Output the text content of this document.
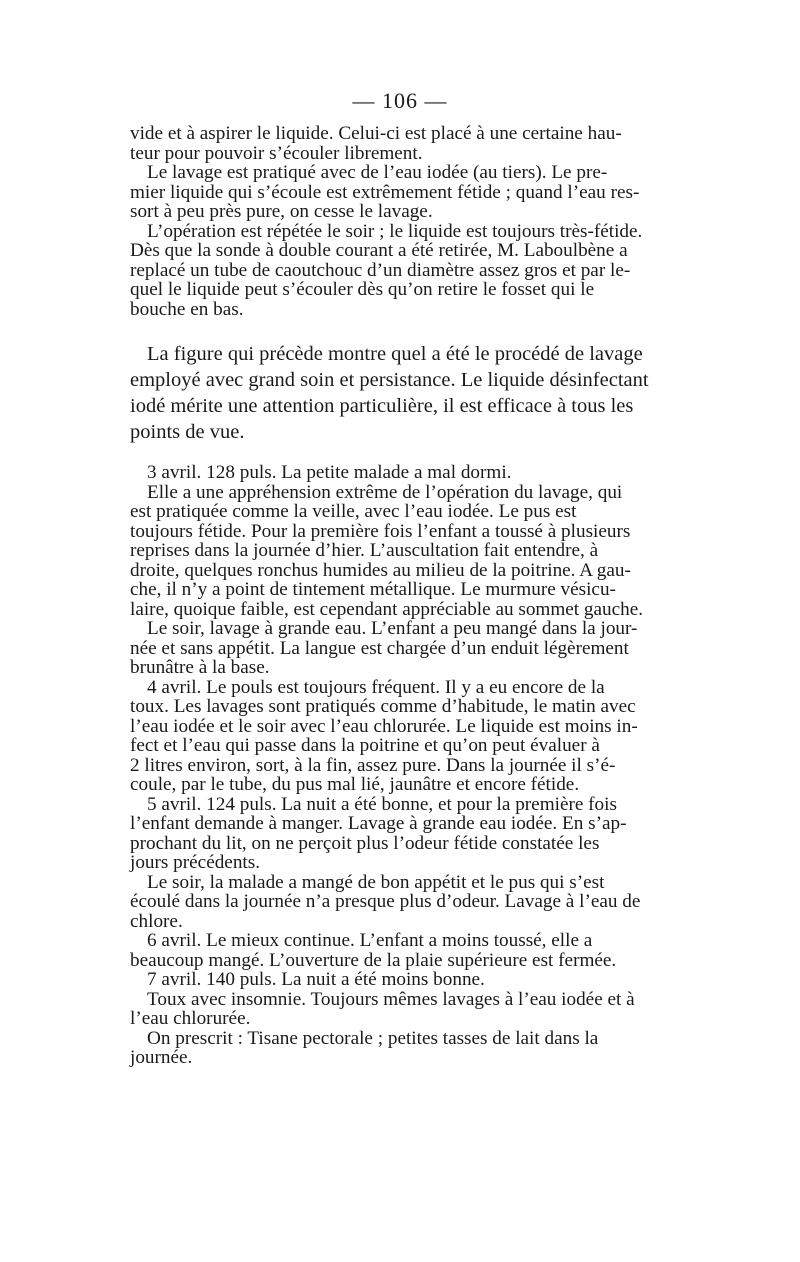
— 106 —
vide et à aspirer le liquide. Celui-ci est placé à une certaine hau-
teur pour pouvoir s’écouler librement.
Le lavage est pratiqué avec de l’eau iodée (au tiers). Le pre-
mier liquide qui s’écoule est extrêmement fétide ; quand l’eau res-
sort à peu près pure, on cesse le lavage.
L’opération est répétée le soir ; le liquide est toujours très-fétide.
Dès que la sonde à double courant a été retirée, M. Laboulbène a
replacé un tube de caoutchouc d’un diamètre assez gros et par le-
quel le liquide peut s’écouler dès qu’on retire le fosset qui le
bouche en bas.
La figure qui précède montre quel a été le procédé de lavage
employé avec grand soin et persistance. Le liquide désinfectant
iodé mérite une attention particulière, il est efficace à tous les
points de vue.
3 avril. 128 puls. La petite malade a mal dormi.
Elle a une appréhension extrême de l’opération du lavage, qui
est pratiquée comme la veille, avec l’eau iodée. Le pus est
toujours fétide. Pour la première fois l’enfant a toussé à plusieurs
reprises dans la journée d’hier. L’auscultation fait entendre, à
droite, quelques ronchus humides au milieu de la poitrine. A gau-
che, il n’y a point de tintement métallique. Le murmure vésicu-
laire, quoique faible, est cependant appréciable au sommet gauche.
Le soir, lavage à grande eau. L’enfant a peu mangé dans la jour-
née et sans appétit. La langue est chargée d’un enduit légèrement
brunâtre à la base.
4 avril. Le pouls est toujours fréquent. Il y a eu encore de la
toux. Les lavages sont pratiqués comme d’habitude, le matin avec
l’eau iodée et le soir avec l’eau chlorurée. Le liquide est moins in-
fect et l’eau qui passe dans la poitrine et qu’on peut évaluer à
2 litres environ, sort, à la fin, assez pure. Dans la journée il s’é-
coule, par le tube, du pus mal lié, jaunâtre et encore fétide.
5 avril. 124 puls. La nuit a été bonne, et pour la première fois
l’enfant demande à manger. Lavage à grande eau iodée. En s’ap-
prochant du lit, on ne perçoit plus l’odeur fétide constatée les
jours précédents.
Le soir, la malade a mangé de bon appétit et le pus qui s’est
écoulé dans la journée n’a presque plus d’odeur. Lavage à l’eau de
chlore.
6 avril. Le mieux continue. L’enfant a moins toussé, elle a
beaucoup mangé. L’ouverture de la plaie supérieure est fermée.
7 avril. 140 puls. La nuit a été moins bonne.
Toux avec insomnie. Toujours mêmes lavages à l’eau iodée et à
l’eau chlorurée.
On prescrit : Tisane pectorale ; petites tasses de lait dans la
journée.
